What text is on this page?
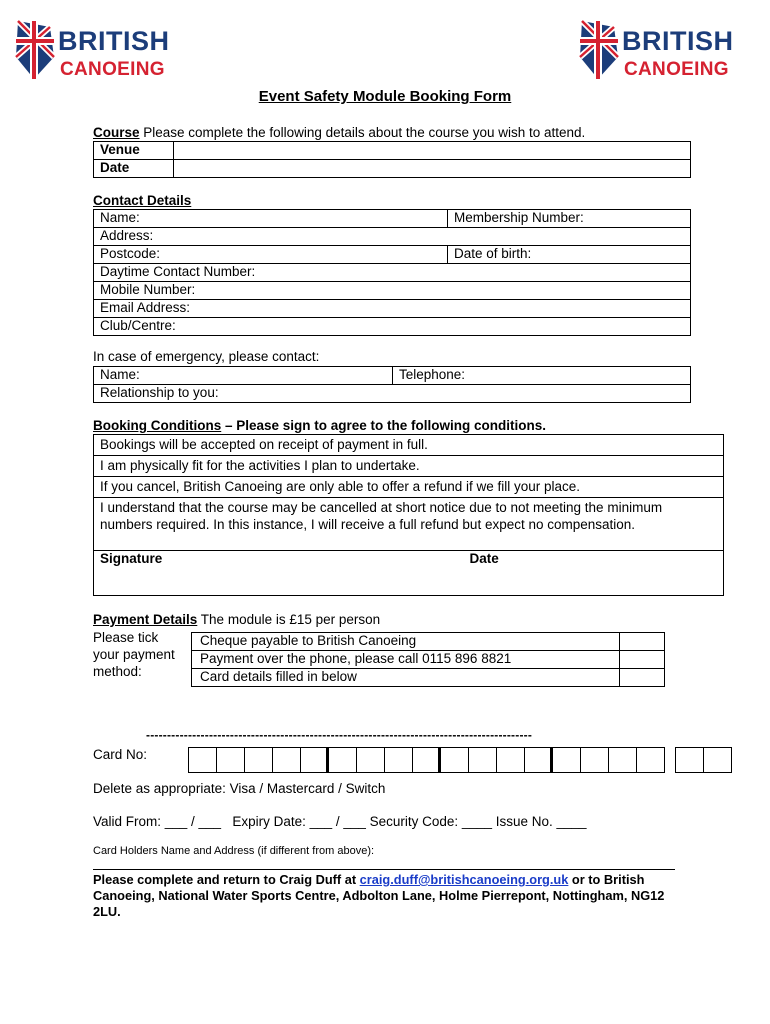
BRITISH
CANOEING
BRITISH
CANOEING
Event Safety Module Booking Form
Course Please complete the following details about the course you wish to attend.
Venue	
Date	
Contact Details
Name:	Membership Number:
Address:	
Postcode:	Date of birth:
Daytime Contact Number:	
Mobile Number:	
Email Address:	
Club/Centre:	
In case of emergency, please contact:
Name:	Telephone:
Relationship to you:
Booking Conditions – Please sign to agree to the following conditions.
Bookings will be accepted on receipt of payment in full.
I am physically fit for the activities I plan to undertake.
If you cancel, British Canoeing are only able to offer a refund if we fill your place.
I understand that the course may be cancelled at short notice due to not meeting the minimum numbers required. In this instance, I will receive a full refund but expect no compensation.
Signature	Date
Payment Details The module is £15 per person
Please tick your payment method:
Cheque payable to British Canoeing	
Payment over the phone, please call 0115 896 8821	
Card details filled in below	
--------------------------------------------------------------------------------------------
Card No:
Delete as appropriate: Visa / Mastercard / Switch
Valid From: ___ / ___   Expiry Date: ___ / ___ Security Code: ____ Issue No. ____
Card Holders Name and Address (if different from above):
Please complete and return to Craig Duff at craig.duff@britishcanoeing.org.uk or to British Canoeing, National Water Sports Centre, Adbolton Lane, Holme Pierrepont, Nottingham, NG12 2LU.
